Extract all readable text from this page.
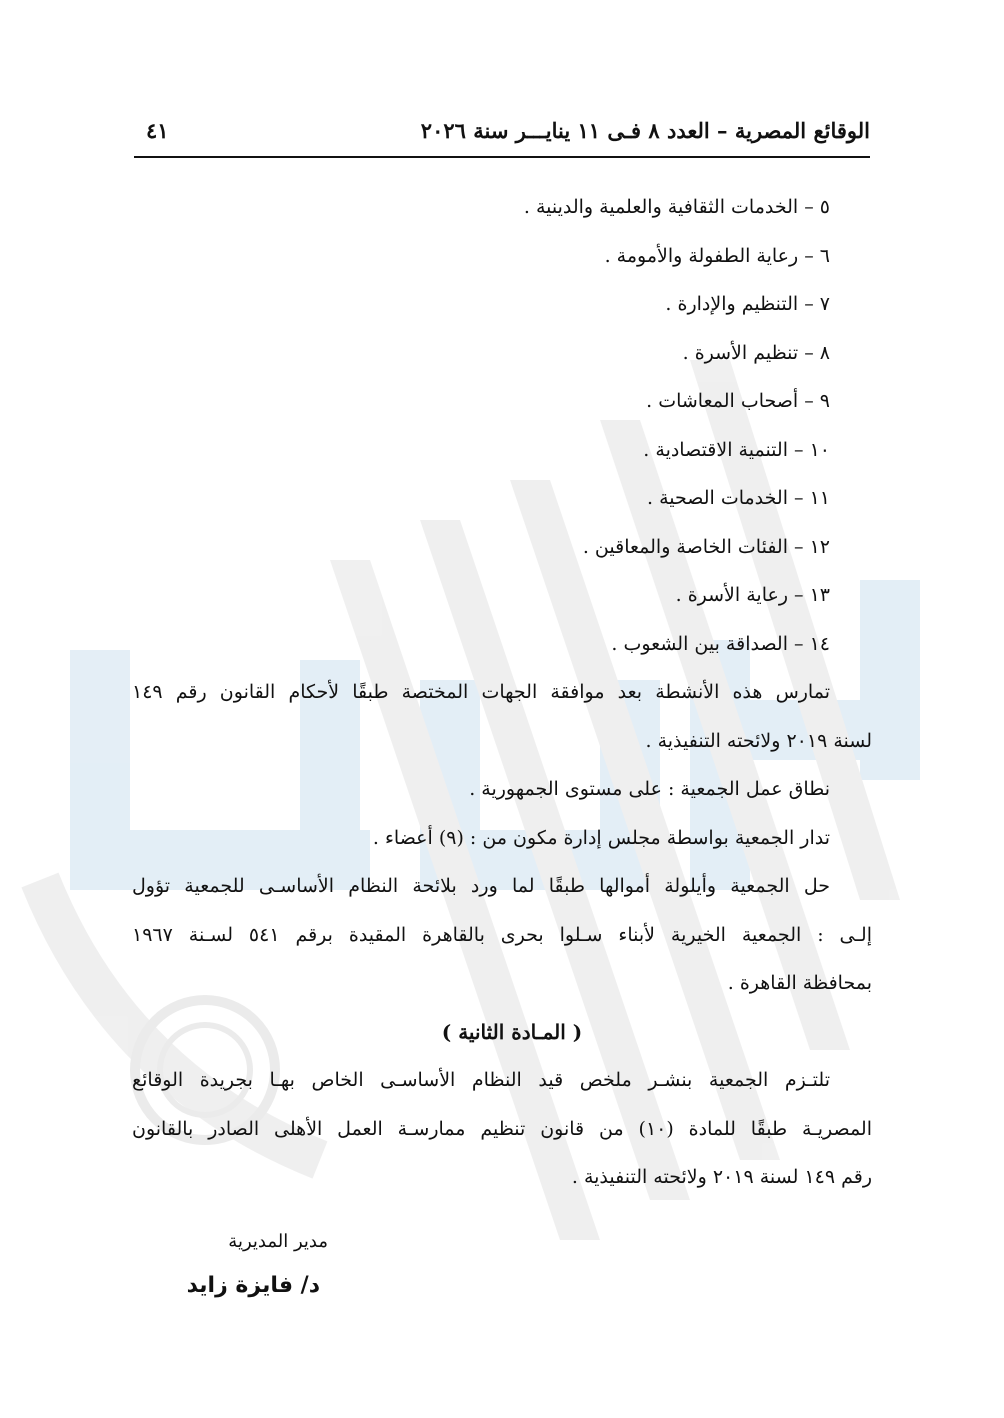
الوقائع المصرية – العدد ٨ فـى ١١ ينايـــر سنة ٢٠٢٦
٤١
٥ – الخدمات الثقافية والعلمية والدينية .
٦ – رعاية الطفولة والأمومة .
٧ – التنظيم والإدارة .
٨ – تنظيم الأسرة .
٩ – أصحاب المعاشات .
١٠ – التنمية الاقتصادية .
١١ – الخدمات الصحية .
١٢ – الفئات الخاصة والمعاقين .
١٣ – رعاية الأسرة .
١٤ – الصداقة بين الشعوب .
تمارس هذه الأنشطة بعد موافقة الجهات المختصة طبقًا لأحكام القانون رقم ١٤٩
لسنة ٢٠١٩ ولائحته التنفيذية .
نطاق عمل الجمعية : على مستوى الجمهورية .
تدار الجمعية بواسطة مجلس إدارة مكون من : (٩) أعضاء .
حل الجمعية وأيلولة أموالها طبقًا لما ورد بلائحة النظام الأساسـى للجمعية تؤول
إلـى : الجمعية الخيرية لأبناء سـلوا بحرى بالقاهرة المقيدة برقم ٥٤١ لسـنة ١٩٦٧
بمحافظة القاهرة .
( المـادة الثانية )
تلتـزم الجمعية بنشـر ملخص قيد النظام الأساسـى الخاص بهـا بجريدة الوقائع
المصريـة طبقًا للمادة (١٠) من قانون تنظيم ممارسـة العمل الأهلى الصادر بالقانون
رقم ١٤٩ لسنة ٢٠١٩ ولائحته التنفيذية .
مدير المديرية
د/ فايزة زايد
